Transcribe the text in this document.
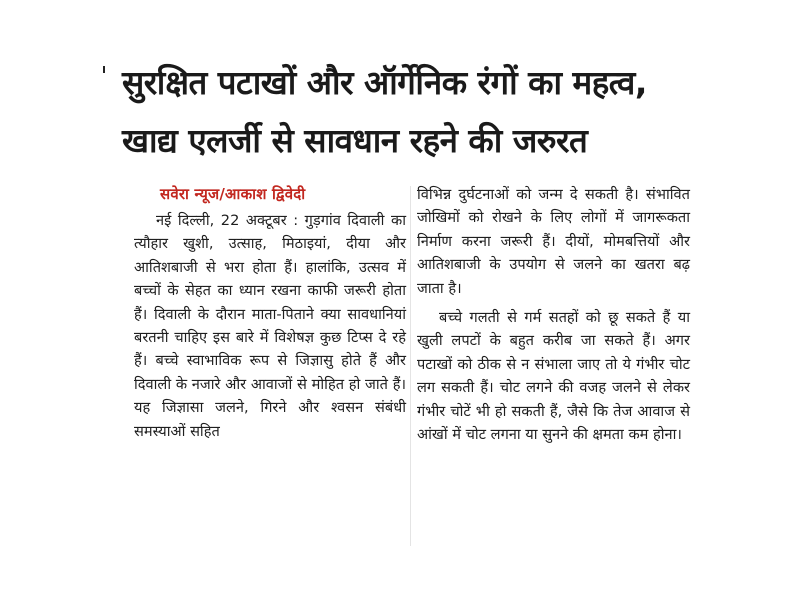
सुरक्षित पटाखों और ऑर्गेनिक रंगों का महत्व,
खाद्य एलर्जी से सावधान रहने की जरुरत
सवेरा न्यूज/आकाश द्विवेदी

नई दिल्ली, 22 अक्टूबर : गुड़गांव दिवाली का त्यौहार खुशी, उत्साह, मिठाइयां, दीया और आतिशबाजी से भरा होता हैं। हालांकि, उत्सव में बच्चों के सेहत का ध्यान रखना काफी जरूरी होता हैं। दिवाली के दौरान माता-पिताने क्या सावधानियां बरतनी चाहिए इस बारे में विशेषज्ञ कुछ टिप्स दे रहे हैं। बच्चे स्वाभाविक रूप से जिज्ञासु होते हैं और दिवाली के नजारे और आवाजों से मोहित हो जाते हैं। यह जिज्ञासा जलने, गिरने और श्वसन संबंधी समस्याओं सहित

विभिन्न दुर्घटनाओं को जन्म दे सकती है। संभावित जोखिमों को रोखने के लिए लोगों में जागरूकता निर्माण करना जरूरी हैं। दीयों, मोमबत्तियों और आतिशबाजी के उपयोग से जलने का खतरा बढ़ जाता है।

बच्चे गलती से गर्म सतहों को छू सकते हैं या खुली लपटों के बहुत करीब जा सकते हैं। अगर पटाखों को ठीक से न संभाला जाए तो ये गंभीर चोट लग सकती हैं। चोट लगने की वजह जलने से लेकर गंभीर चोटें भी हो सकती हैं, जैसे कि तेज आवाज से आंखों में चोट लगना या सुनने की क्षमता कम होना।
